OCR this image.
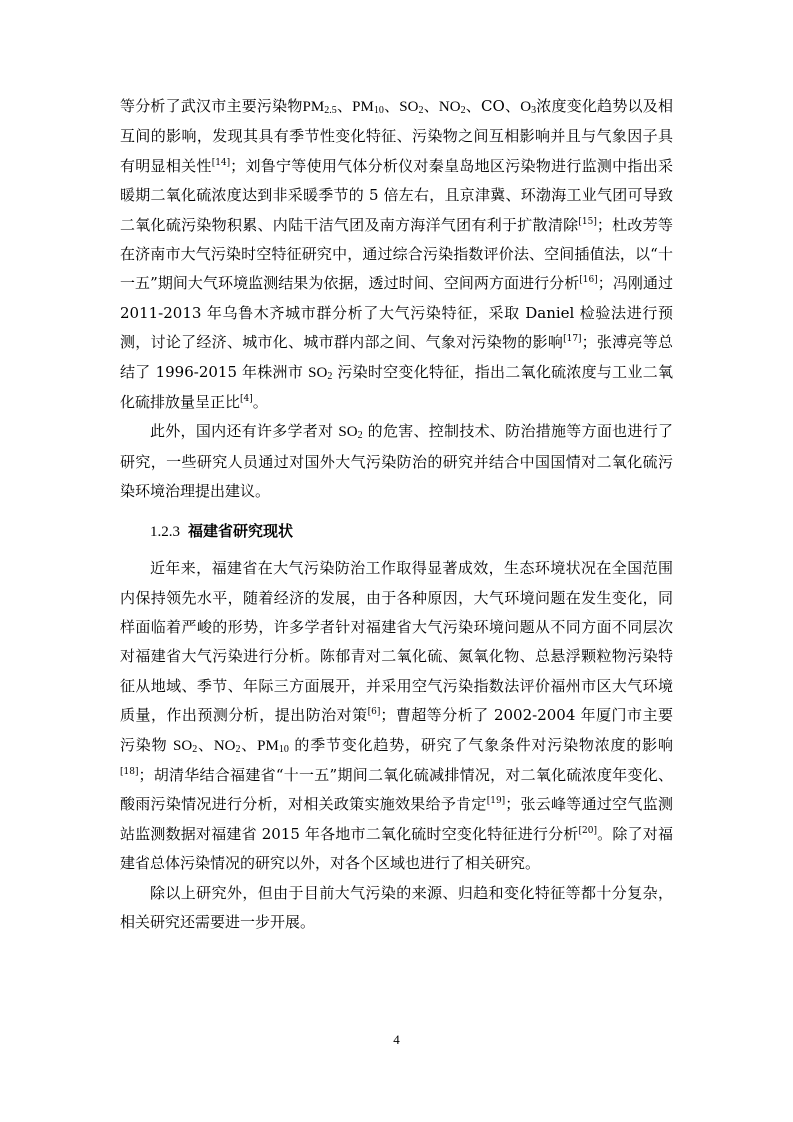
等分析了武汉市主要污染物$PM_{2.5}$、$PM_{10}$、$SO_2$、$NO_2$、CO、$O_3$浓度变化趋势以及相互间的影响，发现其具有季节性变化特征、污染物之间互相影响并且与气象因子具有明显相关性[14]；刘鲁宁等使用气体分析仪对秦皇岛地区污染物进行监测中指出采暖期二氧化硫浓度达到非采暖季节的 5 倍左右，且京津冀、环渤海工业气团可导致二氧化硫污染物积累、内陆干洁气团及南方海洋气团有利于扩散清除[15]；杜改芳等在济南市大气污染时空特征研究中，通过综合污染指数评价法、空间插值法，以“十一五”期间大气环境监测结果为依据，透过时间、空间两方面进行分析[16]；冯刚通过 2011-2013 年乌鲁木齐城市群分析了大气污染特征，采取 Daniel 检验法进行预测，讨论了经济、城市化、城市群内部之间、气象对污染物的影响[17]；张溥亮等总结了 1996-2015 年株洲市 $SO_2$ 污染时空变化特征，指出二氧化硫浓度与工业二氧化硫排放量呈正比[4]。

此外，国内还有许多学者对 $SO_2$ 的危害、控制技术、防治措施等方面也进行了研究，一些研究人员通过对国外大气污染防治的研究并结合中国国情对二氧化硫污染环境治理提出建议。

1.2.3 福建省研究现状

近年来，福建省在大气污染防治工作取得显著成效，生态环境状况在全国范围内保持领先水平，随着经济的发展，由于各种原因，大气环境问题在发生变化，同样面临着严峻的形势，许多学者针对福建省大气污染环境问题从不同方面不同层次对福建省大气污染进行分析。陈郁青对二氧化硫、氮氧化物、总悬浮颗粒物污染特征从地域、季节、年际三方面展开，并采用空气污染指数法评价福州市区大气环境质量，作出预测分析，提出防治对策[6]；曹超等分析了 2002-2004 年厦门市主要污染物 $SO_2$、$NO_2$、$PM_{10}$ 的季节变化趋势，研究了气象条件对污染物浓度的影响[18]；胡清华结合福建省“十一五”期间二氧化硫减排情况，对二氧化硫浓度年变化、酸雨污染情况进行分析，对相关政策实施效果给予肯定[19]；张云峰等通过空气监测站监测数据对福建省 2015 年各地市二氧化硫时空变化特征进行分析[20]。除了对福建省总体污染情况的研究以外，对各个区域也进行了相关研究。

除以上研究外，但由于目前大气污染的来源、归趋和变化特征等都十分复杂，相关研究还需要进一步开展。

4
